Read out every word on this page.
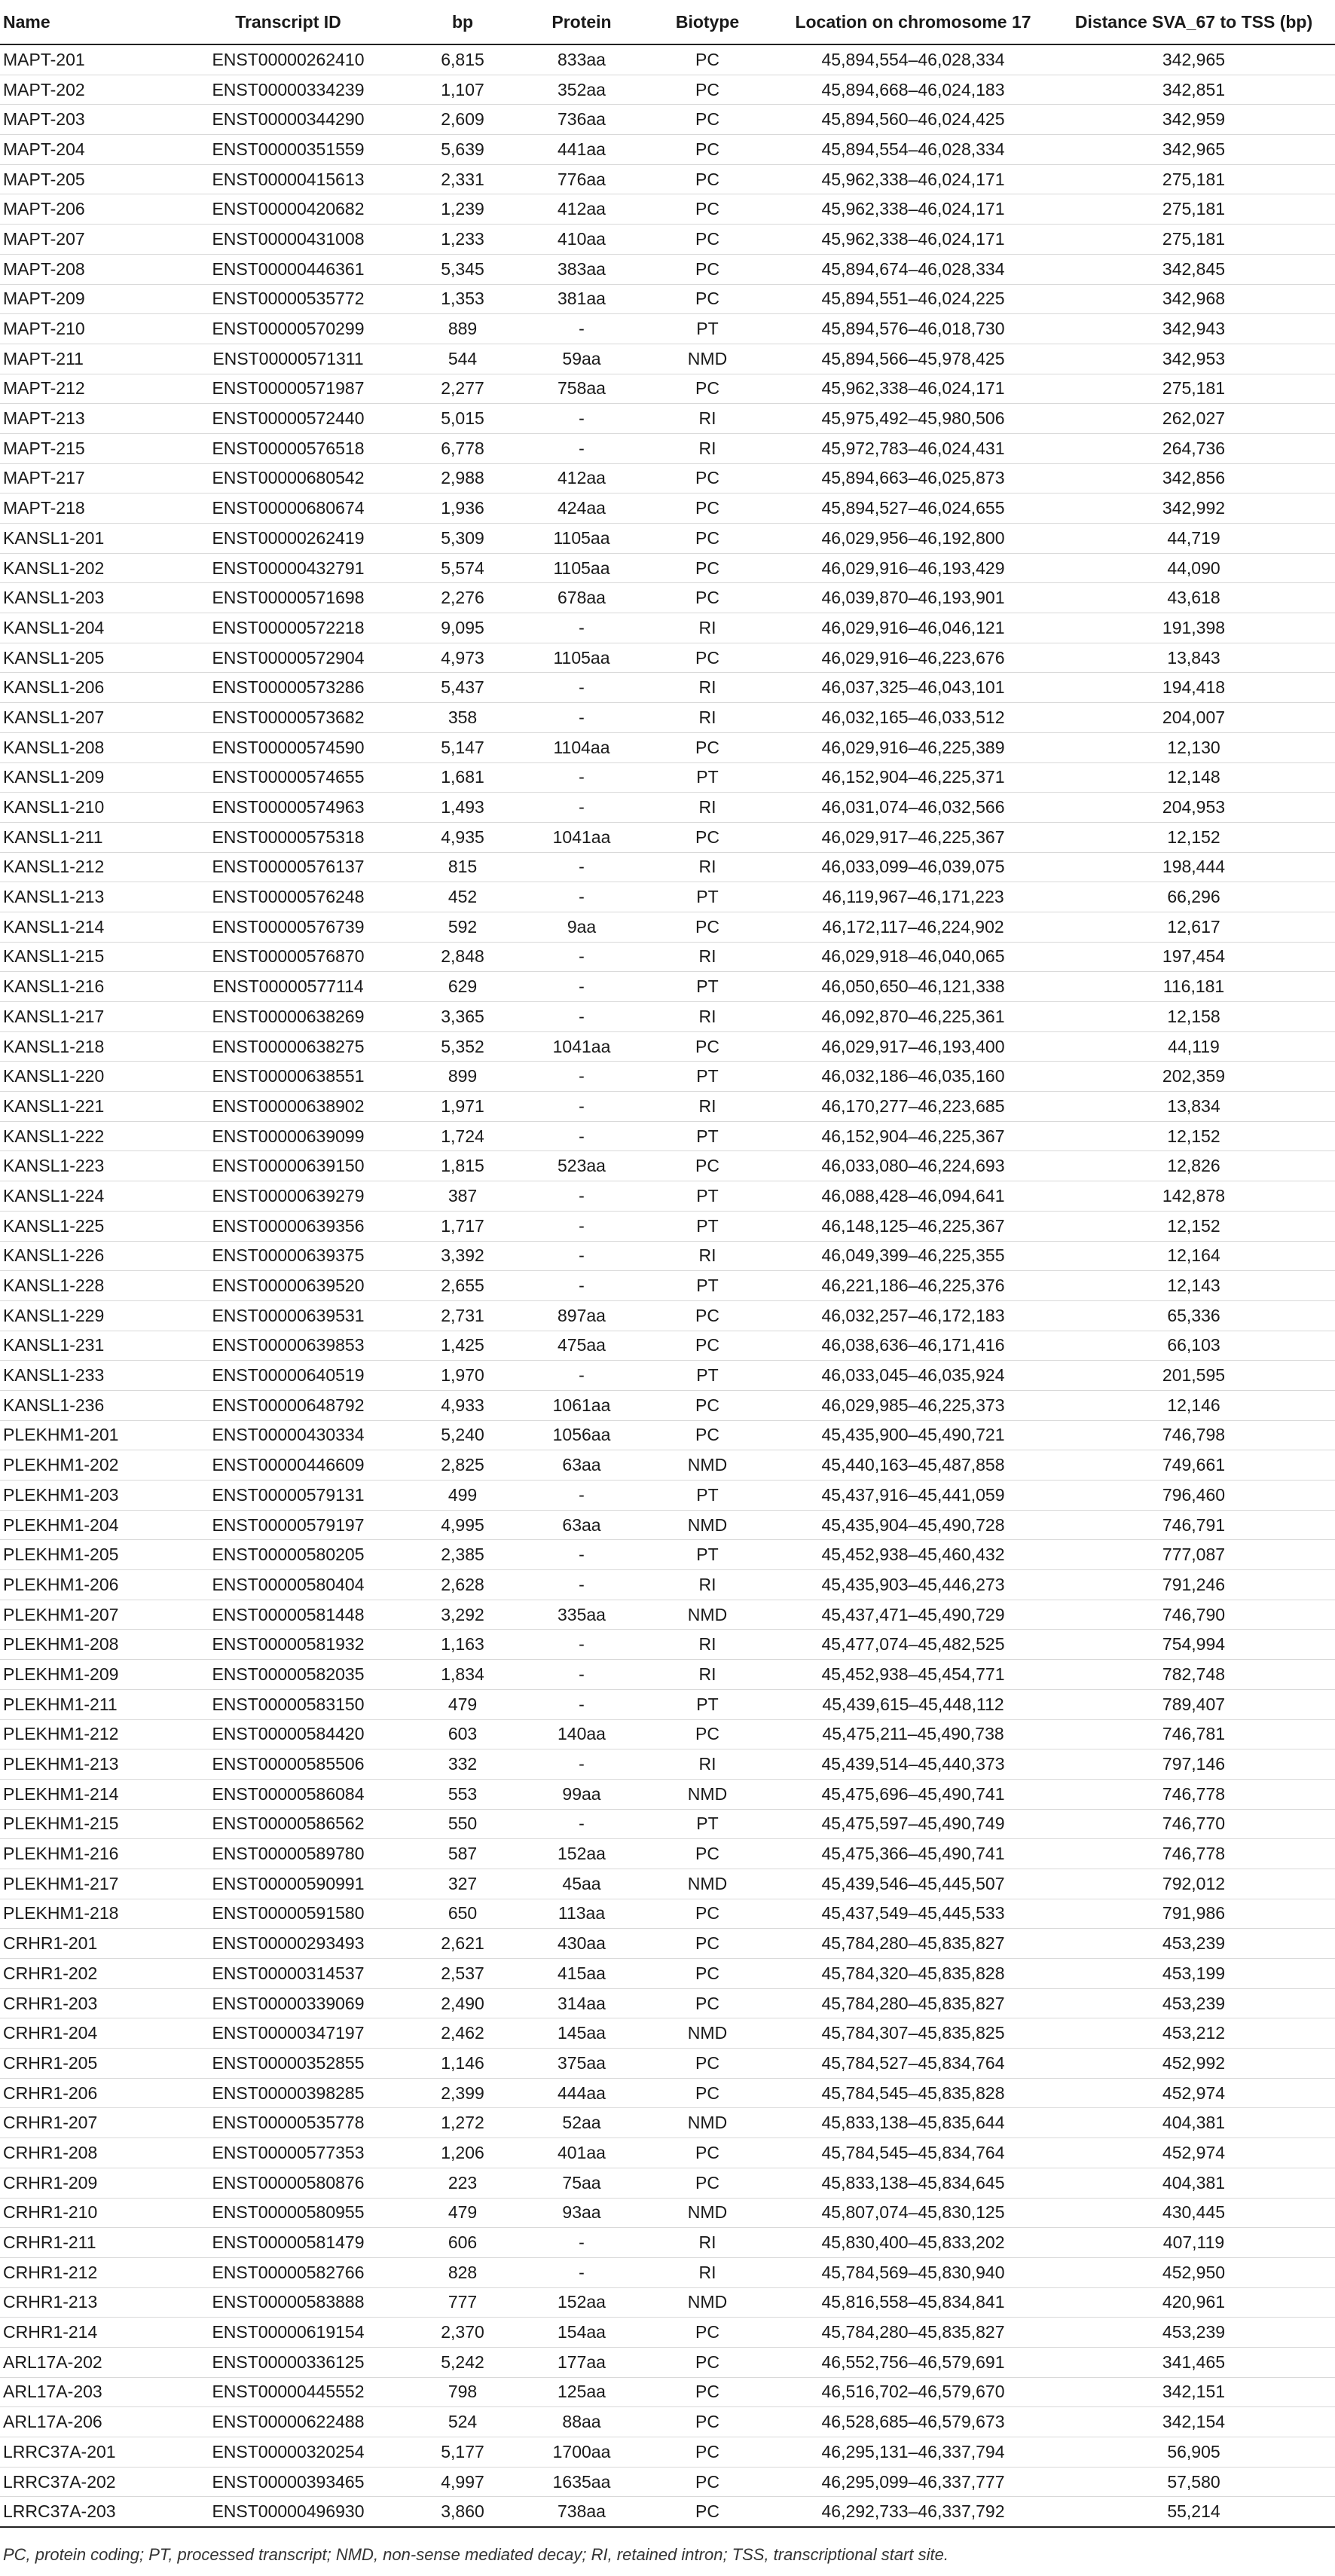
Name	Transcript ID	bp	Protein	Biotype	Location on chromosome 17	Distance SVA_67 to TSS (bp)
MAPT-201	ENST00000262410	6,815	833aa	PC	45,894,554–46,028,334	342,965
MAPT-202	ENST00000334239	1,107	352aa	PC	45,894,668–46,024,183	342,851
MAPT-203	ENST00000344290	2,609	736aa	PC	45,894,560–46,024,425	342,959
MAPT-204	ENST00000351559	5,639	441aa	PC	45,894,554–46,028,334	342,965
MAPT-205	ENST00000415613	2,331	776aa	PC	45,962,338–46,024,171	275,181
MAPT-206	ENST00000420682	1,239	412aa	PC	45,962,338–46,024,171	275,181
MAPT-207	ENST00000431008	1,233	410aa	PC	45,962,338–46,024,171	275,181
MAPT-208	ENST00000446361	5,345	383aa	PC	45,894,674–46,028,334	342,845
MAPT-209	ENST00000535772	1,353	381aa	PC	45,894,551–46,024,225	342,968
MAPT-210	ENST00000570299	889	-	PT	45,894,576–46,018,730	342,943
MAPT-211	ENST00000571311	544	59aa	NMD	45,894,566–45,978,425	342,953
MAPT-212	ENST00000571987	2,277	758aa	PC	45,962,338–46,024,171	275,181
MAPT-213	ENST00000572440	5,015	-	RI	45,975,492–45,980,506	262,027
MAPT-215	ENST00000576518	6,778	-	RI	45,972,783–46,024,431	264,736
MAPT-217	ENST00000680542	2,988	412aa	PC	45,894,663–46,025,873	342,856
MAPT-218	ENST00000680674	1,936	424aa	PC	45,894,527–46,024,655	342,992
KANSL1-201	ENST00000262419	5,309	1105aa	PC	46,029,956–46,192,800	44,719
KANSL1-202	ENST00000432791	5,574	1105aa	PC	46,029,916–46,193,429	44,090
KANSL1-203	ENST00000571698	2,276	678aa	PC	46,039,870–46,193,901	43,618
KANSL1-204	ENST00000572218	9,095	-	RI	46,029,916–46,046,121	191,398
KANSL1-205	ENST00000572904	4,973	1105aa	PC	46,029,916–46,223,676	13,843
KANSL1-206	ENST00000573286	5,437	-	RI	46,037,325–46,043,101	194,418
KANSL1-207	ENST00000573682	358	-	RI	46,032,165–46,033,512	204,007
KANSL1-208	ENST00000574590	5,147	1104aa	PC	46,029,916–46,225,389	12,130
KANSL1-209	ENST00000574655	1,681	-	PT	46,152,904–46,225,371	12,148
KANSL1-210	ENST00000574963	1,493	-	RI	46,031,074–46,032,566	204,953
KANSL1-211	ENST00000575318	4,935	1041aa	PC	46,029,917–46,225,367	12,152
KANSL1-212	ENST00000576137	815	-	RI	46,033,099–46,039,075	198,444
KANSL1-213	ENST00000576248	452	-	PT	46,119,967–46,171,223	66,296
KANSL1-214	ENST00000576739	592	9aa	PC	46,172,117–46,224,902	12,617
KANSL1-215	ENST00000576870	2,848	-	RI	46,029,918–46,040,065	197,454
KANSL1-216	ENST00000577114	629	-	PT	46,050,650–46,121,338	116,181
KANSL1-217	ENST00000638269	3,365	-	RI	46,092,870–46,225,361	12,158
KANSL1-218	ENST00000638275	5,352	1041aa	PC	46,029,917–46,193,400	44,119
KANSL1-220	ENST00000638551	899	-	PT	46,032,186–46,035,160	202,359
KANSL1-221	ENST00000638902	1,971	-	RI	46,170,277–46,223,685	13,834
KANSL1-222	ENST00000639099	1,724	-	PT	46,152,904–46,225,367	12,152
KANSL1-223	ENST00000639150	1,815	523aa	PC	46,033,080–46,224,693	12,826
KANSL1-224	ENST00000639279	387	-	PT	46,088,428–46,094,641	142,878
KANSL1-225	ENST00000639356	1,717	-	PT	46,148,125–46,225,367	12,152
KANSL1-226	ENST00000639375	3,392	-	RI	46,049,399–46,225,355	12,164
KANSL1-228	ENST00000639520	2,655	-	PT	46,221,186–46,225,376	12,143
KANSL1-229	ENST00000639531	2,731	897aa	PC	46,032,257–46,172,183	65,336
KANSL1-231	ENST00000639853	1,425	475aa	PC	46,038,636–46,171,416	66,103
KANSL1-233	ENST00000640519	1,970	-	PT	46,033,045–46,035,924	201,595
KANSL1-236	ENST00000648792	4,933	1061aa	PC	46,029,985–46,225,373	12,146
PLEKHM1-201	ENST00000430334	5,240	1056aa	PC	45,435,900–45,490,721	746,798
PLEKHM1-202	ENST00000446609	2,825	63aa	NMD	45,440,163–45,487,858	749,661
PLEKHM1-203	ENST00000579131	499	-	PT	45,437,916–45,441,059	796,460
PLEKHM1-204	ENST00000579197	4,995	63aa	NMD	45,435,904–45,490,728	746,791
PLEKHM1-205	ENST00000580205	2,385	-	PT	45,452,938–45,460,432	777,087
PLEKHM1-206	ENST00000580404	2,628	-	RI	45,435,903–45,446,273	791,246
PLEKHM1-207	ENST00000581448	3,292	335aa	NMD	45,437,471–45,490,729	746,790
PLEKHM1-208	ENST00000581932	1,163	-	RI	45,477,074–45,482,525	754,994
PLEKHM1-209	ENST00000582035	1,834	-	RI	45,452,938–45,454,771	782,748
PLEKHM1-211	ENST00000583150	479	-	PT	45,439,615–45,448,112	789,407
PLEKHM1-212	ENST00000584420	603	140aa	PC	45,475,211–45,490,738	746,781
PLEKHM1-213	ENST00000585506	332	-	RI	45,439,514–45,440,373	797,146
PLEKHM1-214	ENST00000586084	553	99aa	NMD	45,475,696–45,490,741	746,778
PLEKHM1-215	ENST00000586562	550	-	PT	45,475,597–45,490,749	746,770
PLEKHM1-216	ENST00000589780	587	152aa	PC	45,475,366–45,490,741	746,778
PLEKHM1-217	ENST00000590991	327	45aa	NMD	45,439,546–45,445,507	792,012
PLEKHM1-218	ENST00000591580	650	113aa	PC	45,437,549–45,445,533	791,986
CRHR1-201	ENST00000293493	2,621	430aa	PC	45,784,280–45,835,827	453,239
CRHR1-202	ENST00000314537	2,537	415aa	PC	45,784,320–45,835,828	453,199
CRHR1-203	ENST00000339069	2,490	314aa	PC	45,784,280–45,835,827	453,239
CRHR1-204	ENST00000347197	2,462	145aa	NMD	45,784,307–45,835,825	453,212
CRHR1-205	ENST00000352855	1,146	375aa	PC	45,784,527–45,834,764	452,992
CRHR1-206	ENST00000398285	2,399	444aa	PC	45,784,545–45,835,828	452,974
CRHR1-207	ENST00000535778	1,272	52aa	NMD	45,833,138–45,835,644	404,381
CRHR1-208	ENST00000577353	1,206	401aa	PC	45,784,545–45,834,764	452,974
CRHR1-209	ENST00000580876	223	75aa	PC	45,833,138–45,834,645	404,381
CRHR1-210	ENST00000580955	479	93aa	NMD	45,807,074–45,830,125	430,445
CRHR1-211	ENST00000581479	606	-	RI	45,830,400–45,833,202	407,119
CRHR1-212	ENST00000582766	828	-	RI	45,784,569–45,830,940	452,950
CRHR1-213	ENST00000583888	777	152aa	NMD	45,816,558–45,834,841	420,961
CRHR1-214	ENST00000619154	2,370	154aa	PC	45,784,280–45,835,827	453,239
ARL17A-202	ENST00000336125	5,242	177aa	PC	46,552,756–46,579,691	341,465
ARL17A-203	ENST00000445552	798	125aa	PC	46,516,702–46,579,670	342,151
ARL17A-206	ENST00000622488	524	88aa	PC	46,528,685–46,579,673	342,154
LRRC37A-201	ENST00000320254	5,177	1700aa	PC	46,295,131–46,337,794	56,905
LRRC37A-202	ENST00000393465	4,997	1635aa	PC	46,295,099–46,337,777	57,580
LRRC37A-203	ENST00000496930	3,860	738aa	PC	46,292,733–46,337,792	55,214
PC, protein coding; PT, processed transcript; NMD, non-sense mediated decay; RI, retained intron; TSS, transcriptional start site.
